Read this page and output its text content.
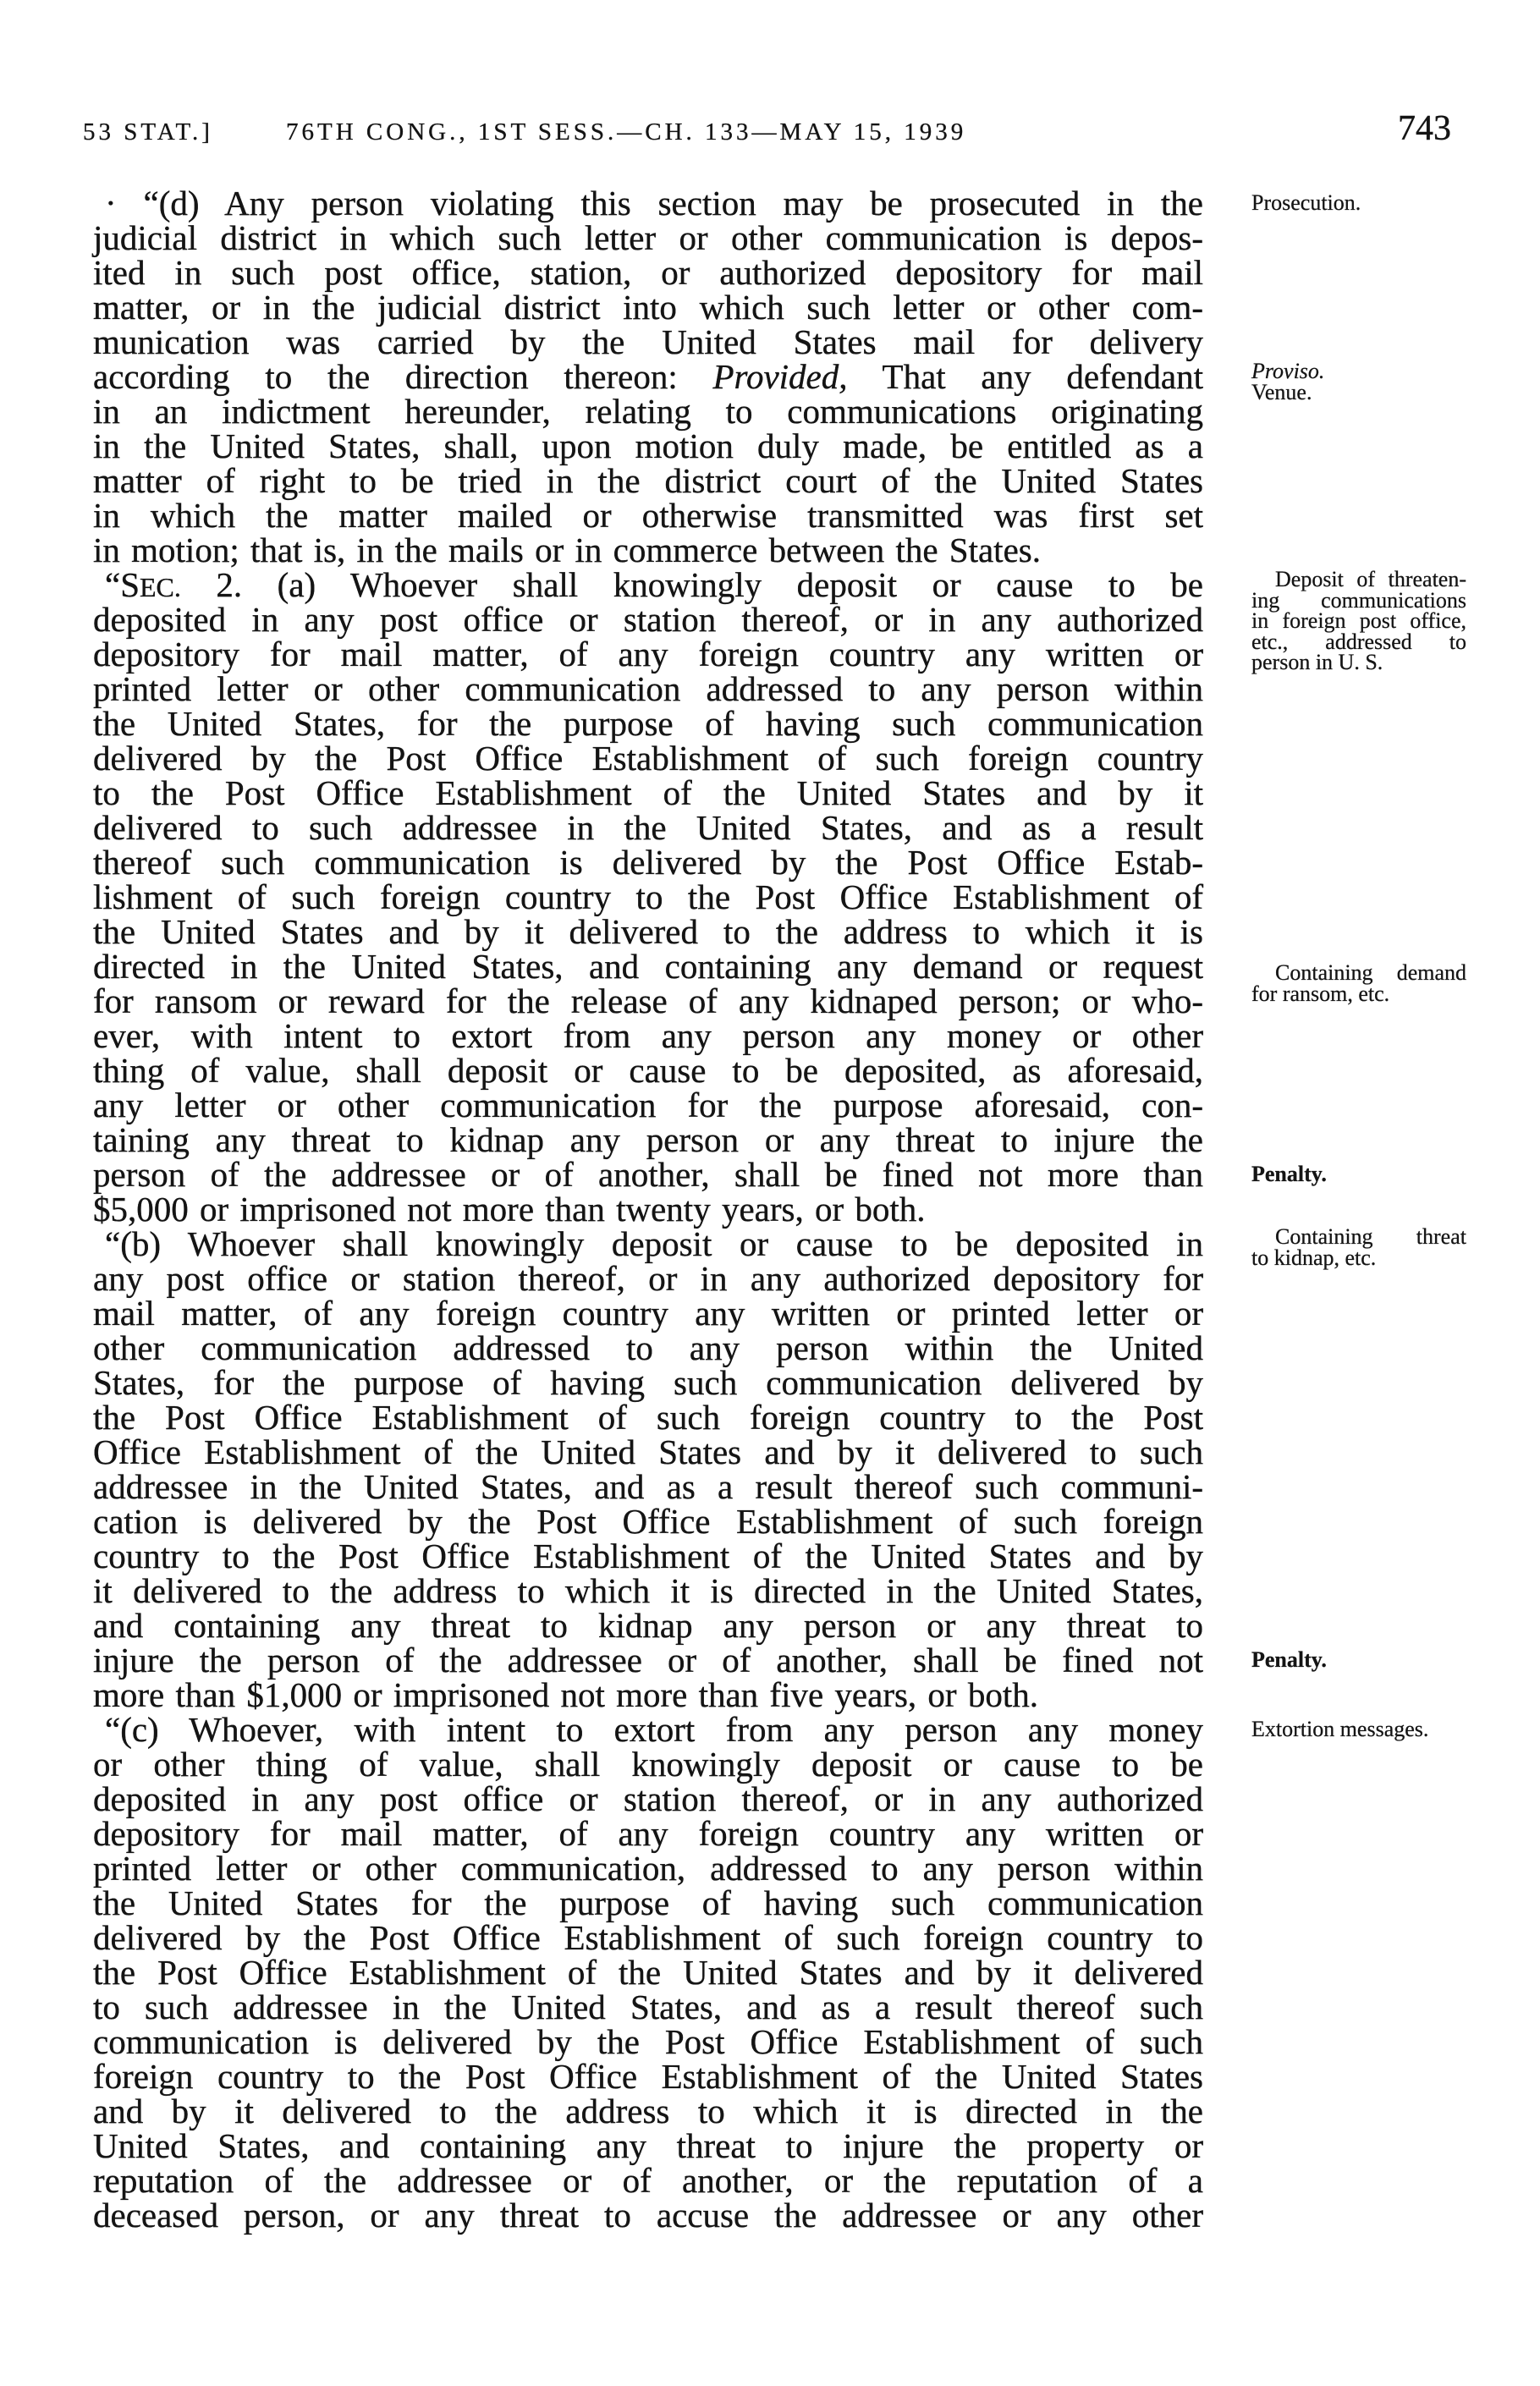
53 STAT.]	76TH CONG., 1ST SESS.—CH. 133—MAY 15, 1939	743
· “(d) Any person violating this section may be prosecuted in the
judicial district in which such letter or other communication is depos-
ited in such post office, station, or authorized depository for mail
matter, or in the judicial district into which such letter or other com-
munication was carried by the United States mail for delivery
according to the direction thereon: Provided, That any defendant
in an indictment hereunder, relating to communications originating
in the United States, shall, upon motion duly made, be entitled as a
matter of right to be tried in the district court of the United States
in which the matter mailed or otherwise transmitted was first set
in motion; that is, in the mails or in commerce between the States.
“SEC. 2. (a) Whoever shall knowingly deposit or cause to be
deposited in any post office or station thereof, or in any authorized
depository for mail matter, of any foreign country any written or
printed letter or other communication addressed to any person within
the United States, for the purpose of having such communication
delivered by the Post Office Establishment of such foreign country
to the Post Office Establishment of the United States and by it
delivered to such addressee in the United States, and as a result
thereof such communication is delivered by the Post Office Estab-
lishment of such foreign country to the Post Office Establishment of
the United States and by it delivered to the address to which it is
directed in the United States, and containing any demand or request
for ransom or reward for the release of any kidnaped person; or who-
ever, with intent to extort from any person any money or other
thing of value, shall deposit or cause to be deposited, as aforesaid,
any letter or other communication for the purpose aforesaid, con-
taining any threat to kidnap any person or any threat to injure the
person of the addressee or of another, shall be fined not more than
$5,000 or imprisoned not more than twenty years, or both.
“(b) Whoever shall knowingly deposit or cause to be deposited in
any post office or station thereof, or in any authorized depository for
mail matter, of any foreign country any written or printed letter or
other communication addressed to any person within the United
States, for the purpose of having such communication delivered by
the Post Office Establishment of such foreign country to the Post
Office Establishment of the United States and by it delivered to such
addressee in the United States, and as a result thereof such communi-
cation is delivered by the Post Office Establishment of such foreign
country to the Post Office Establishment of the United States and by
it delivered to the address to which it is directed in the United States,
and containing any threat to kidnap any person or any threat to
injure the person of the addressee or of another, shall be fined not
more than $1,000 or imprisoned not more than five years, or both.
“(c) Whoever, with intent to extort from any person any money
or other thing of value, shall knowingly deposit or cause to be
deposited in any post office or station thereof, or in any authorized
depository for mail matter, of any foreign country any written or
printed letter or other communication, addressed to any person within
the United States for the purpose of having such communication
delivered by the Post Office Establishment of such foreign country to
the Post Office Establishment of the United States and by it delivered
to such addressee in the United States, and as a result thereof such
communication is delivered by the Post Office Establishment of such
foreign country to the Post Office Establishment of the United States
and by it delivered to the address to which it is directed in the
United States, and containing any threat to injure the property or
reputation of the addressee or of another, or the reputation of a
deceased person, or any threat to accuse the addressee or any other
Prosecution.
Proviso.
Venue.
Deposit of threaten-
ing communications
in foreign post office,
etc., addressed to
person in U. S.
Containing demand
for ransom, etc.
Penalty.
Containing threat
to kidnap, etc.
Penalty.
Extortion messages.
